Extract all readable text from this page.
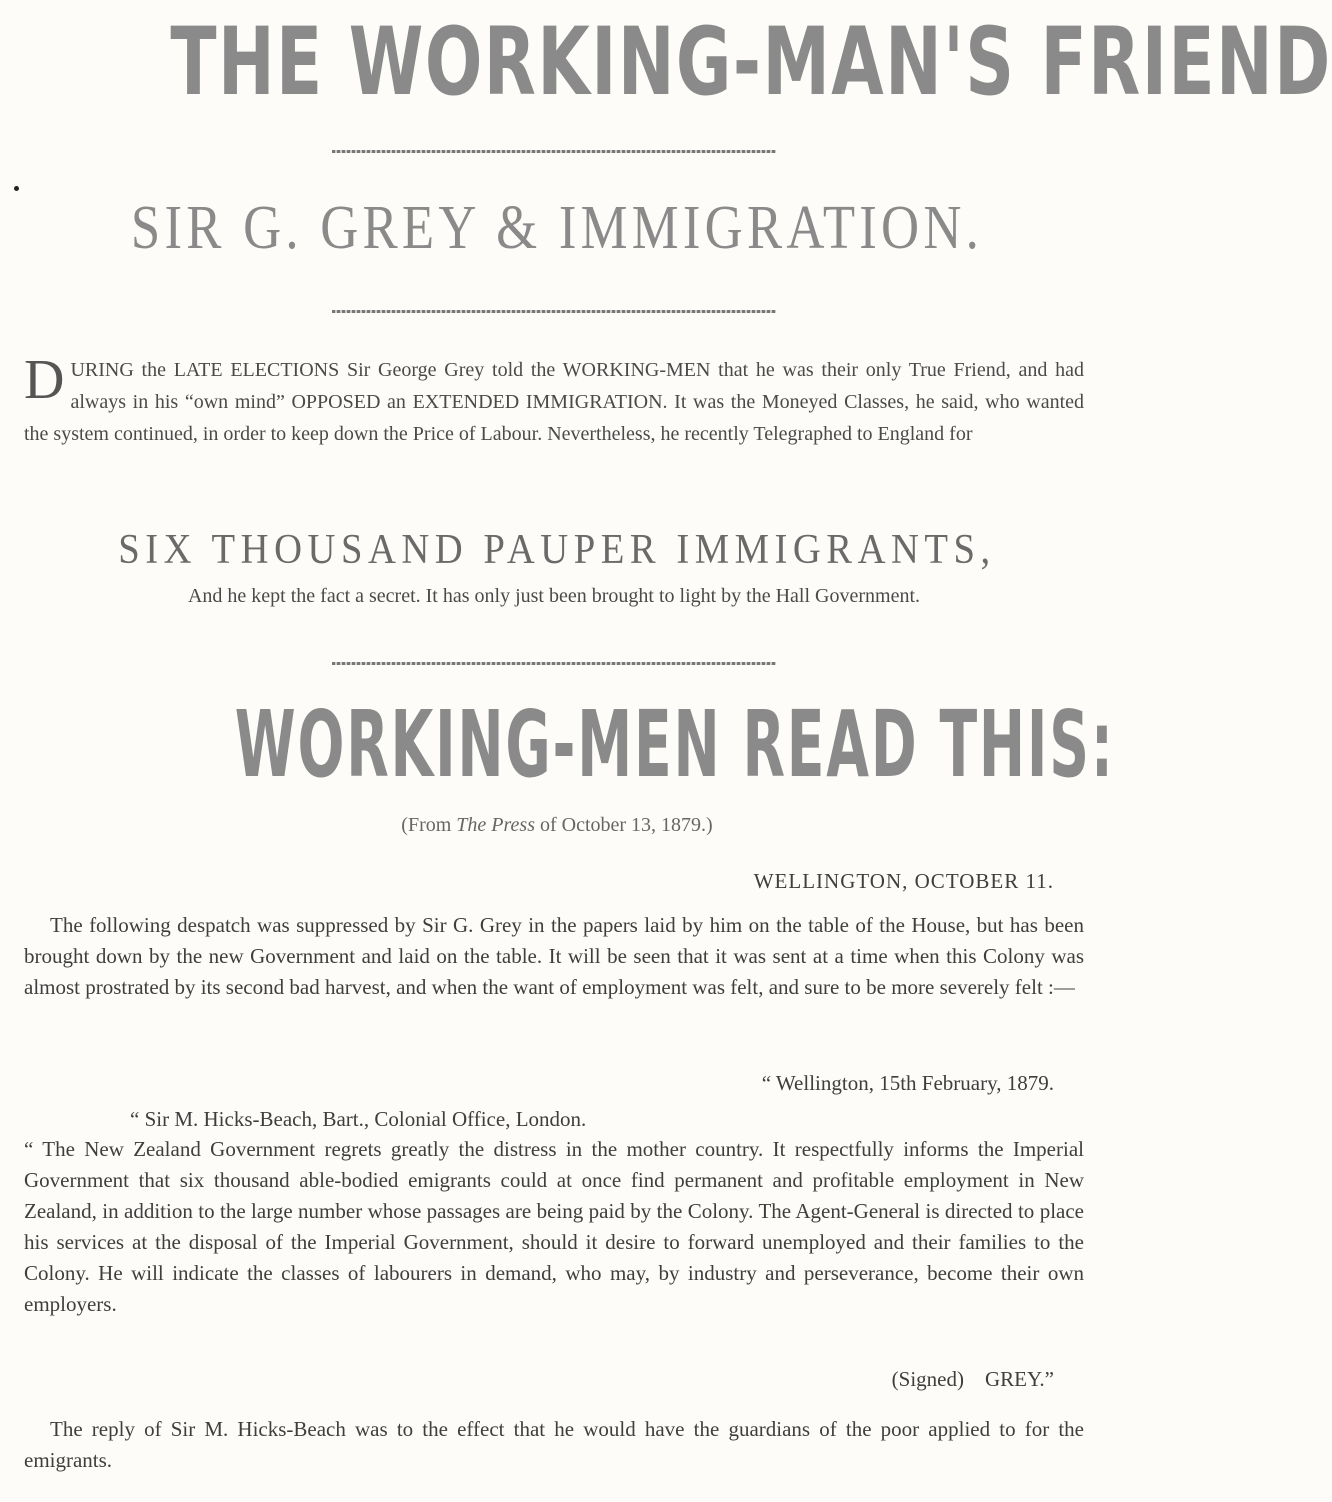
THE WORKING-MAN'S FRIEND
SIR G. GREY & IMMIGRATION.
D URING the LATE ELECTIONS Sir George Grey told the WORKING-MEN that he was their only True Friend, and had always in his “own mind” OPPOSED an EXTENDED IMMIGRATION. It was the Moneyed Classes, he said, who wanted the system continued, in order to keep down the Price of Labour. Nevertheless, he recently Telegraphed to England for
SIX THOUSAND PAUPER IMMIGRANTS,
And he kept the fact a secret. It has only just been brought to light by the Hall Government.
WORKING-MEN READ THIS:
(From The Press of October 13, 1879.)
WELLINGTON, OCTOBER 11.
The following despatch was suppressed by Sir G. Grey in the papers laid by him on the table of the House, but has been brought down by the new Government and laid on the table. It will be seen that it was sent at a time when this Colony was almost prostrated by its second bad harvest, and when the want of employment was felt, and sure to be more severely felt :—
“ Wellington, 15th February, 1879.
“ Sir M. Hicks-Beach, Bart., Colonial Office, London.
“ The New Zealand Government regrets greatly the distress in the mother country. It respectfully informs the Imperial Government that six thousand able-bodied emigrants could at once find permanent and profitable employment in New Zealand, in addition to the large number whose passages are being paid by the Colony. The Agent-General is directed to place his services at the disposal of the Imperial Government, should it desire to forward unemployed and their families to the Colony. He will indicate the classes of labourers in demand, who may, by industry and perseverance, become their own employers.
(Signed) GREY.”
The reply of Sir M. Hicks-Beach was to the effect that he would have the guardians of the poor applied to for the emigrants.
